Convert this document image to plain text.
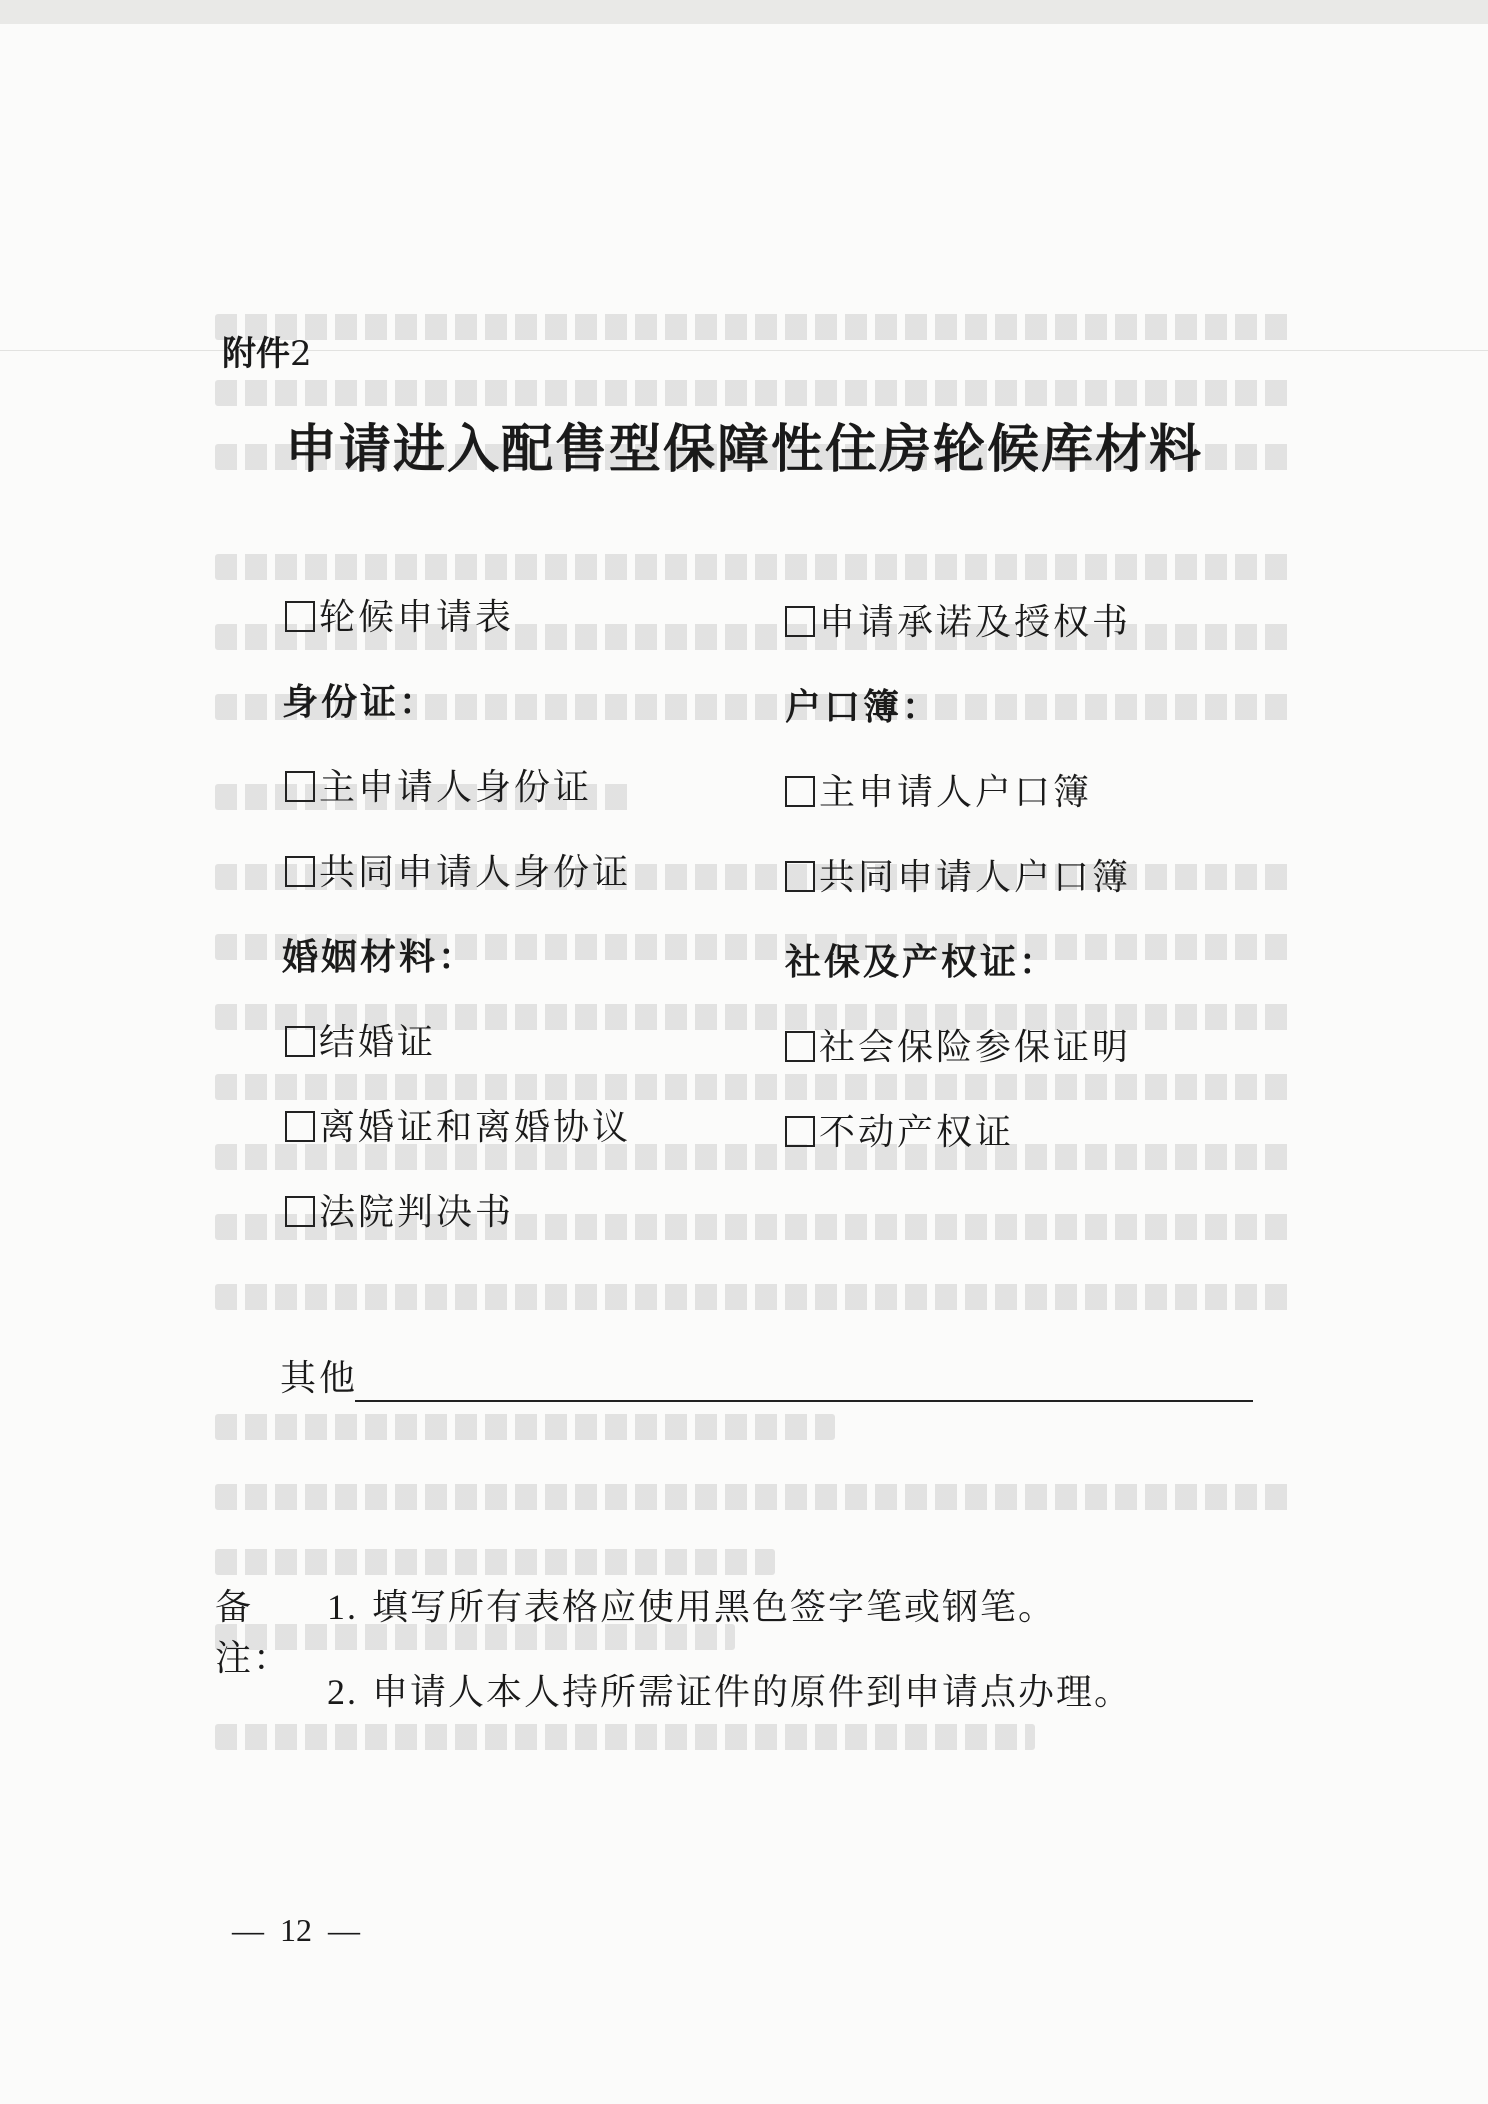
附件2
申请进入配售型保障性住房轮候库材料
轮候申请表
身份证：
主申请人身份证
共同申请人身份证
婚姻材料：
结婚证
离婚证和离婚协议
法院判决书
申请承诺及授权书
户口簿：
主申请人户口簿
共同申请人户口簿
社保及产权证：
社会保险参保证明
不动产权证
其他
备注：
1. 填写所有表格应使用黑色签字笔或钢笔。
2. 申请人本人持所需证件的原件到申请点办理。
— 12 —
